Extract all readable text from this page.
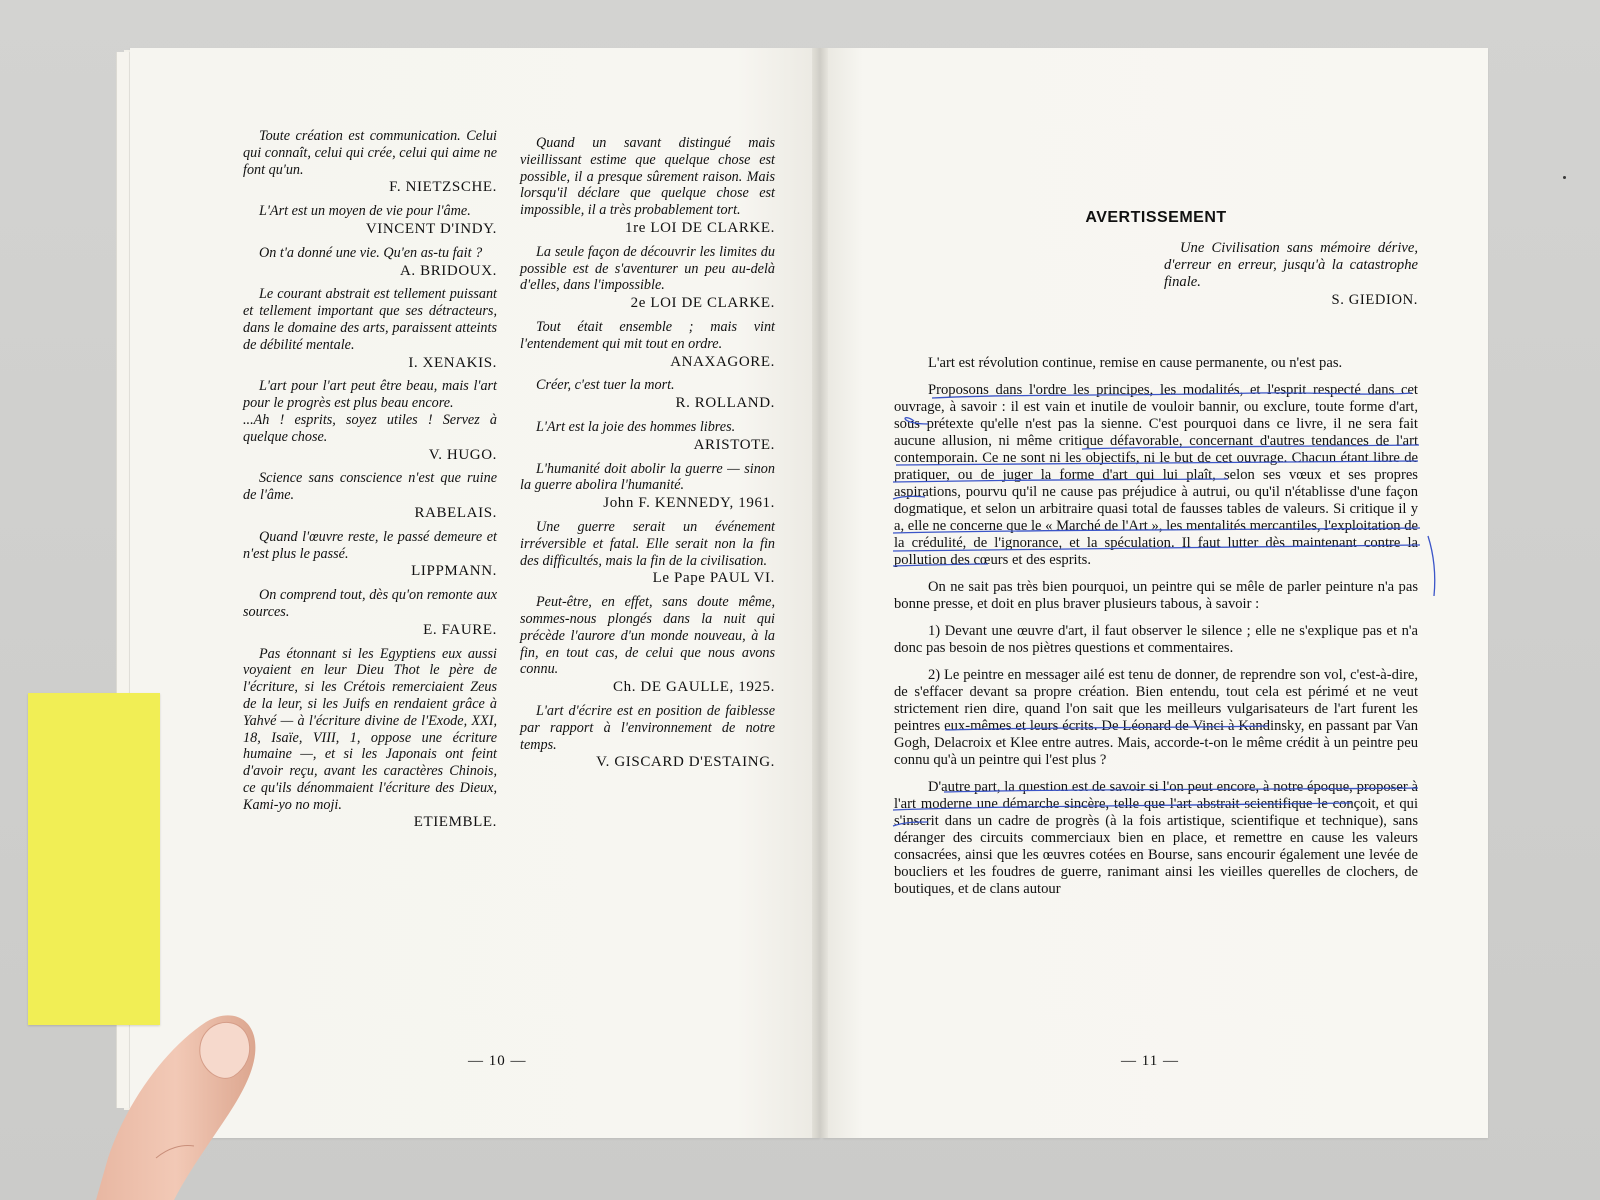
Toute création est communication. Celui qui connaît, celui qui crée, celui qui aime ne font qu'un.
F. NIETZSCHE.
L'Art est un moyen de vie pour l'âme.
VINCENT D'INDY.
On t'a donné une vie. Qu'en as-tu fait ?
A. BRIDOUX.
Le courant abstrait est tellement puissant et tellement important que ses détracteurs, dans le domaine des arts, paraissent atteints de débilité mentale.
I. XENAKIS.
L'art pour l'art peut être beau, mais l'art pour le progrès est plus beau encore.
...Ah ! esprits, soyez utiles ! Servez à quelque chose.
V. HUGO.
Science sans conscience n'est que ruine de l'âme.
RABELAIS.
Quand l'œuvre reste, le passé demeure et n'est plus le passé.
LIPPMANN.
On comprend tout, dès qu'on remonte aux sources.
E. FAURE.
Pas étonnant si les Egyptiens eux aussi voyaient en leur Dieu Thot le père de l'écriture, si les Crétois remerciaient Zeus de la leur, si les Juifs en rendaient grâce à Yahvé — à l'écriture divine de l'Exode, XXI, 18, Isaïe, VIII, 1, oppose une écriture humaine —, et si les Japonais ont feint d'avoir reçu, avant les caractères Chinois, ce qu'ils dénommaient l'écriture des Dieux, Kami-yo no moji.
ETIEMBLE.
Quand un savant distingué mais vieillissant estime que quelque chose est possible, il a presque sûrement raison. Mais lorsqu'il déclare que quelque chose est impossible, il a très probablement tort.
1re LOI DE CLARKE.
La seule façon de découvrir les limites du possible est de s'aventurer un peu au-delà d'elles, dans l'impossible.
2e LOI DE CLARKE.
Tout était ensemble ; mais vint l'entendement qui mit tout en ordre.
ANAXAGORE.
Créer, c'est tuer la mort.
R. ROLLAND.
L'Art est la joie des hommes libres.
ARISTOTE.
L'humanité doit abolir la guerre — sinon la guerre abolira l'humanité.
John F. KENNEDY, 1961.
Une guerre serait un événement irréversible et fatal. Elle serait non la fin des difficultés, mais la fin de la civilisation.
Le Pape PAUL VI.
Peut-être, en effet, sans doute même, sommes-nous plongés dans la nuit qui précède l'aurore d'un monde nouveau, à la fin, en tout cas, de celui que nous avons connu.
Ch. DE GAULLE, 1925.
L'art d'écrire est en position de faiblesse par rapport à l'environnement de notre temps.
V. GISCARD D'ESTAING.
— 10 —
AVERTISSEMENT
Une Civilisation sans mémoire dérive, d'erreur en erreur, jusqu'à la catastrophe finale.
S. GIEDION.

L'art est révolution continue, remise en cause permanente, ou n'est pas.

Proposons dans l'ordre les principes, les modalités, et l'esprit respecté dans cet ouvrage, à savoir : il est vain et inutile de vouloir bannir, ou exclure, toute forme d'art, sous prétexte qu'elle n'est pas la sienne. C'est pourquoi dans ce livre, il ne sera fait aucune allusion, ni même critique défavorable, concernant d'autres tendances de l'art contemporain. Ce ne sont ni les objectifs, ni le but de cet ouvrage. Chacun étant libre de pratiquer, ou de juger la forme d'art qui lui plaît, selon ses vœux et ses propres aspirations, pourvu qu'il ne cause pas préjudice à autrui, ou qu'il n'établisse d'une façon dogmatique, et selon un arbitraire quasi total de fausses tables de valeurs. Si critique il y a, elle ne concerne que le « Marché de l'Art », les mentalités mercantiles, l'exploitation de la crédulité, de l'ignorance, et la spéculation. Il faut lutter dès maintenant contre la pollution des cœurs et des esprits.

On ne sait pas très bien pourquoi, un peintre qui se mêle de parler peinture n'a pas bonne presse, et doit en plus braver plusieurs tabous, à savoir :

1) Devant une œuvre d'art, il faut observer le silence ; elle ne s'explique pas et n'a donc pas besoin de nos piètres questions et commentaires.

2) Le peintre en messager ailé est tenu de donner, de reprendre son vol, c'est-à-dire, de s'effacer devant sa propre création. Bien entendu, tout cela est périmé et ne veut strictement rien dire, quand l'on sait que les meilleurs vulgarisateurs de l'art furent les peintres eux-mêmes et leurs écrits. De Léonard de Vinci à Kandinsky, en passant par Van Gogh, Delacroix et Klee entre autres. Mais, accorde-t-on le même crédit à un peintre peu connu qu'à un peintre qui l'est plus ?

D'autre part, la question est de savoir si l'on peut encore, à notre époque, proposer à l'art moderne une démarche sincère, telle que l'art abstrait scientifique le conçoit, et qui s'inscrit dans un cadre de progrès (à la fois artistique, scientifique et technique), sans déranger des circuits commerciaux bien en place, et remettre en cause les valeurs consacrées, ainsi que les œuvres cotées en Bourse, sans encourir également une levée de boucliers et les foudres de guerre, ranimant ainsi les vieilles querelles de clochers, de boutiques, et de clans autour

— 11 —
